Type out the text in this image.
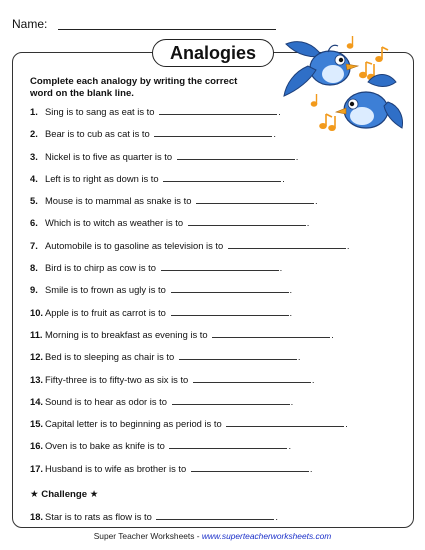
Name:
Analogies
Complete each analogy by writing the correct word on the blank line.
1. Sing is to sang as eat is to	.
2. Bear is to cub as cat is to	.
3. Nickel is to five as quarter is to	.
4. Left is to right as down is to	.
5. Mouse is to mammal as snake is to	.
6. Which is to witch as weather is to	.
7. Automobile is to gasoline as television is to	.
8. Bird is to chirp as cow is to	.
9. Smile is to frown as ugly is to	.
10. Apple is to fruit as carrot is to	.
11. Morning is to breakfast as evening is to	.
12. Bed is to sleeping as chair is to	.
13. Fifty-three is to fifty-two as six is to	.
14. Sound is to hear as odor is to	.
15. Capital letter is to beginning as period is to	.
16. Oven is to bake as knife is to	.
17. Husband is to wife as brother is to	.
★ Challenge ★
18. Star is to rats as flow is to	.
Super Teacher Worksheets - www.superteacherworksheets.com
